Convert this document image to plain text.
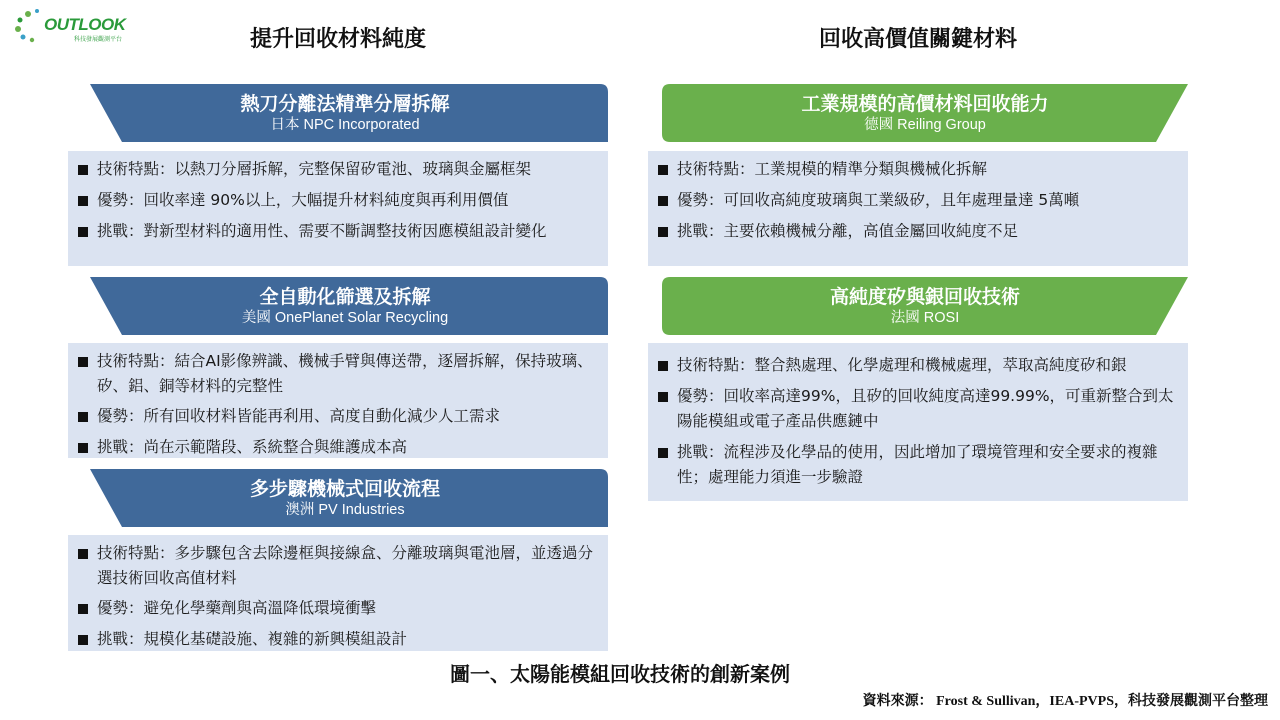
OUTLOOK
科技發展觀測平台	提升回收材料純度	回收高價值關鍵材料
熱刀分離法精準分層拆解
日本 NPC Incorporated
技術特點：以熱刀分層拆解，完整保留矽電池、玻璃與金屬框架
優勢：回收率達 90%以上，大幅提升材料純度與再利用價值
挑戰：對新型材料的適用性、需要不斷調整技術因應模組設計變化
全自動化篩選及拆解
美國 OnePlanet Solar Recycling
技術特點：結合AI影像辨識、機械手臂與傳送帶，逐層拆解，保持玻璃、矽、鋁、銅等材料的完整性
優勢：所有回收材料皆能再利用、高度自動化減少人工需求
挑戰：尚在示範階段、系統整合與維護成本高
多步驟機械式回收流程
澳洲 PV Industries
技術特點：多步驟包含去除邊框與接線盒、分離玻璃與電池層，並透過分選技術回收高值材料
優勢：避免化學藥劑與高溫降低環境衝擊
挑戰：規模化基礎設施、複雜的新興模組設計
工業規模的高價材料回收能力
德國 Reiling Group
技術特點：工業規模的精準分類與機械化拆解
優勢：可回收高純度玻璃與工業級矽，且年處理量達 5萬噸
挑戰：主要依賴機械分離，高值金屬回收純度不足
高純度矽與銀回收技術
法國 ROSI
技術特點：整合熱處理、化學處理和機械處理，萃取高純度矽和銀
優勢：回收率高達99%，且矽的回收純度高達99.99%，可重新整合到太陽能模組或電子產品供應鏈中
挑戰：流程涉及化學品的使用，因此增加了環境管理和安全要求的複雜性；處理能力須進一步驗證
圖一、太陽能模組回收技術的創新案例
資料來源： Frost & Sullivan，IEA-PVPS，科技發展觀測平台整理
